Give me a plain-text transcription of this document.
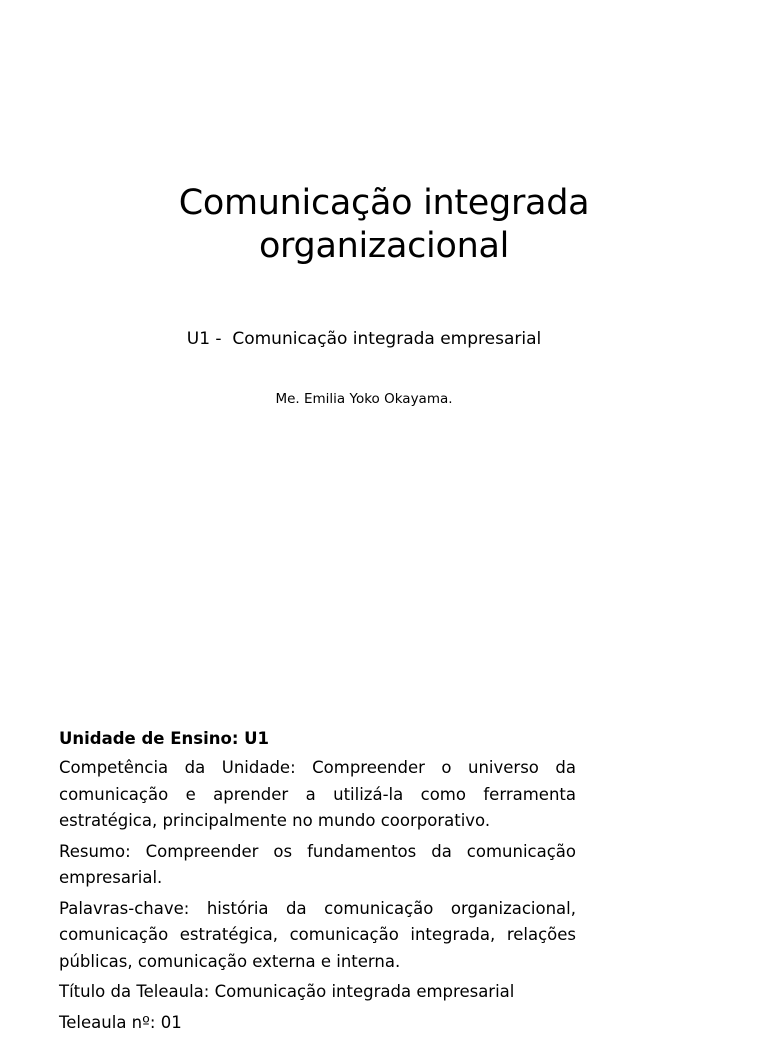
Comunicação integrada
organizacional

U1 -  Comunicação integrada empresarial

Me. Emilia Yoko Okayama.

Unidade de Ensino: U1

Competência da Unidade: Compreender o universo da comunicação e aprender a utilizá-la como ferramenta estratégica, principalmente no mundo coorporativo.

Resumo: Compreender os fundamentos da comunicação empresarial.

Palavras-chave: história da comunicação organizacional, comunicação estratégica, comunicação integrada, relações públicas, comunicação externa e interna.

Título da Teleaula: Comunicação integrada empresarial

Teleaula nº: 01
